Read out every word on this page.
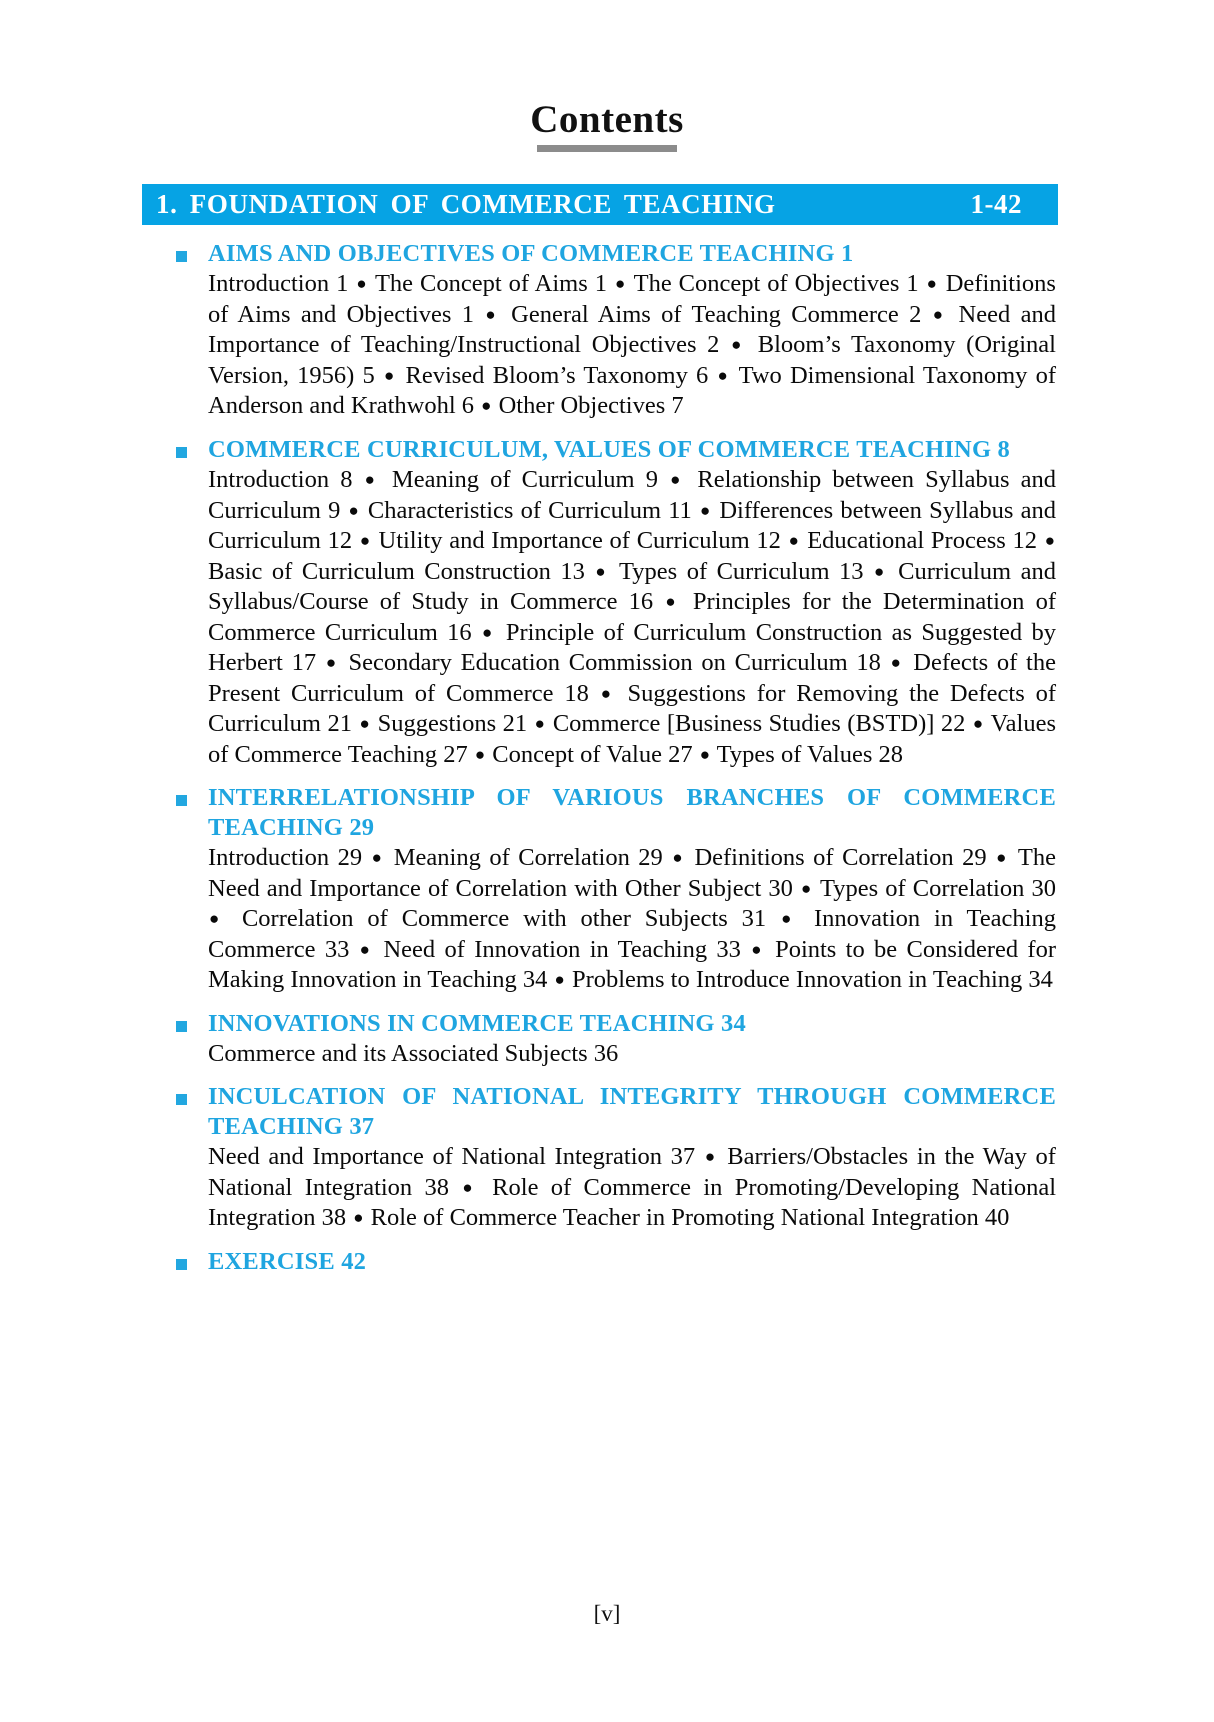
Contents
1. FOUNDATION OF COMMERCE TEACHING	1-42
AIMS AND OBJECTIVES OF COMMERCE TEACHING 1
Introduction 1 ● The Concept of Aims 1 ● The Concept of Objectives 1 ● Definitions of Aims and Objectives 1 ● General Aims of Teaching Commerce 2 ● Need and Importance of Teaching/Instructional Objectives 2 ● Bloom’s Taxonomy (Original Version, 1956) 5 ● Revised Bloom’s Taxonomy 6 ● Two Dimensional Taxonomy of Anderson and Krathwohl 6 ● Other Objectives 7
COMMERCE CURRICULUM, VALUES OF COMMERCE TEACHING 8
Introduction 8 ● Meaning of Curriculum 9 ● Relationship between Syllabus and Curriculum 9 ● Characteristics of Curriculum 11 ● Differences between Syllabus and Curriculum 12 ● Utility and Importance of Curriculum 12 ● Educational Process 12 ● Basic of Curriculum Construction 13 ● Types of Curriculum 13 ● Curriculum and Syllabus/Course of Study in Commerce 16 ● Principles for the Determination of Commerce Curriculum 16 ● Principle of Curriculum Construction as Suggested by Herbert 17 ● Secondary Education Commission on Curriculum 18 ● Defects of the Present Curriculum of Commerce 18 ● Suggestions for Removing the Defects of Curriculum 21 ● Suggestions 21 ● Commerce [Business Studies (BSTD)] 22 ● Values of Commerce Teaching 27 ● Concept of Value 27 ● Types of Values 28
INTERRELATIONSHIP OF VARIOUS BRANCHES OF COMMERCE TEACHING 29
Introduction 29 ● Meaning of Correlation 29 ● Definitions of Correlation 29 ● The Need and Importance of Correlation with Other Subject 30 ● Types of Correlation 30 ● Correlation of Commerce with other Subjects 31 ● Innovation in Teaching Commerce 33 ● Need of Innovation in Teaching 33 ● Points to be Considered for Making Innovation in Teaching 34 ● Problems to Introduce Innovation in Teaching 34
INNOVATIONS IN COMMERCE TEACHING 34
Commerce and its Associated Subjects 36
INCULCATION OF NATIONAL INTEGRITY THROUGH COMMERCE TEACHING 37
Need and Importance of National Integration 37 ● Barriers/Obstacles in the Way of National Integration 38 ● Role of Commerce in Promoting/Developing National Integration 38 ● Role of Commerce Teacher in Promoting National Integration 40
EXERCISE 42
[v]
